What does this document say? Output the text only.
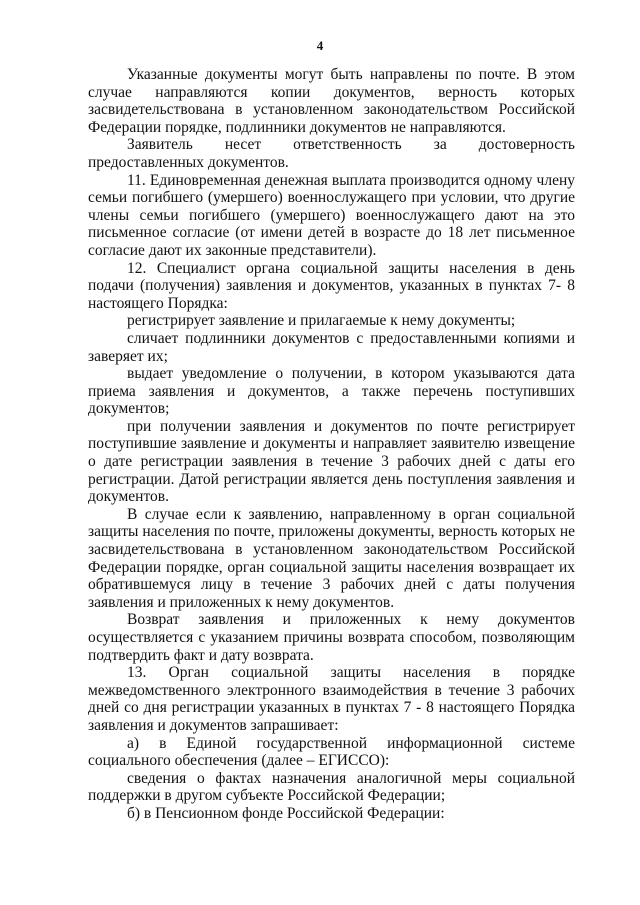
4

Указанные документы могут быть направлены по почте. В этом случае направляются копии документов, верность которых засвидетельствована в установленном законодательством Российской Федерации порядке, подлинники документов не направляются.

Заявитель несет ответственность за достоверность предоставленных документов.

11. Единовременная денежная выплата производится одному члену семьи погибшего (умершего) военнослужащего при условии, что другие члены семьи погибшего (умершего) военнослужащего дают на это письменное согласие (от имени детей в возрасте до 18 лет письменное согласие дают их законные представители).

12. Специалист органа социальной защиты населения в день подачи (получения) заявления и документов, указанных в пунктах 7- 8 настоящего Порядка:

регистрирует заявление и прилагаемые к нему документы;

сличает подлинники документов с предоставленными копиями и заверяет их;

выдает уведомление о получении, в котором указываются дата приема заявления и документов, а также перечень поступивших документов;

при получении заявления и документов по почте регистрирует поступившие заявление и документы и направляет заявителю извещение о дате регистрации заявления в течение 3 рабочих дней с даты его регистрации. Датой регистрации является день поступления заявления и документов.

В случае если к заявлению, направленному в орган социальной защиты населения по почте, приложены документы, верность которых не засвидетельствована в установленном законодательством Российской Федерации порядке, орган социальной защиты населения возвращает их обратившемуся лицу в течение 3 рабочих дней с даты получения заявления и приложенных к нему документов.

Возврат заявления и приложенных к нему документов осуществляется с указанием причины возврата способом, позволяющим подтвердить факт и дату возврата.

13. Орган социальной защиты населения в порядке межведомственного электронного взаимодействия в течение 3 рабочих дней со дня регистрации указанных в пунктах 7 - 8 настоящего Порядка заявления и документов запрашивает:

а) в Единой государственной информационной системе социального обеспечения (далее – ЕГИССО):

сведения о фактах назначения аналогичной меры социальной поддержки в другом субъекте Российской Федерации;

б) в Пенсионном фонде Российской Федерации:
